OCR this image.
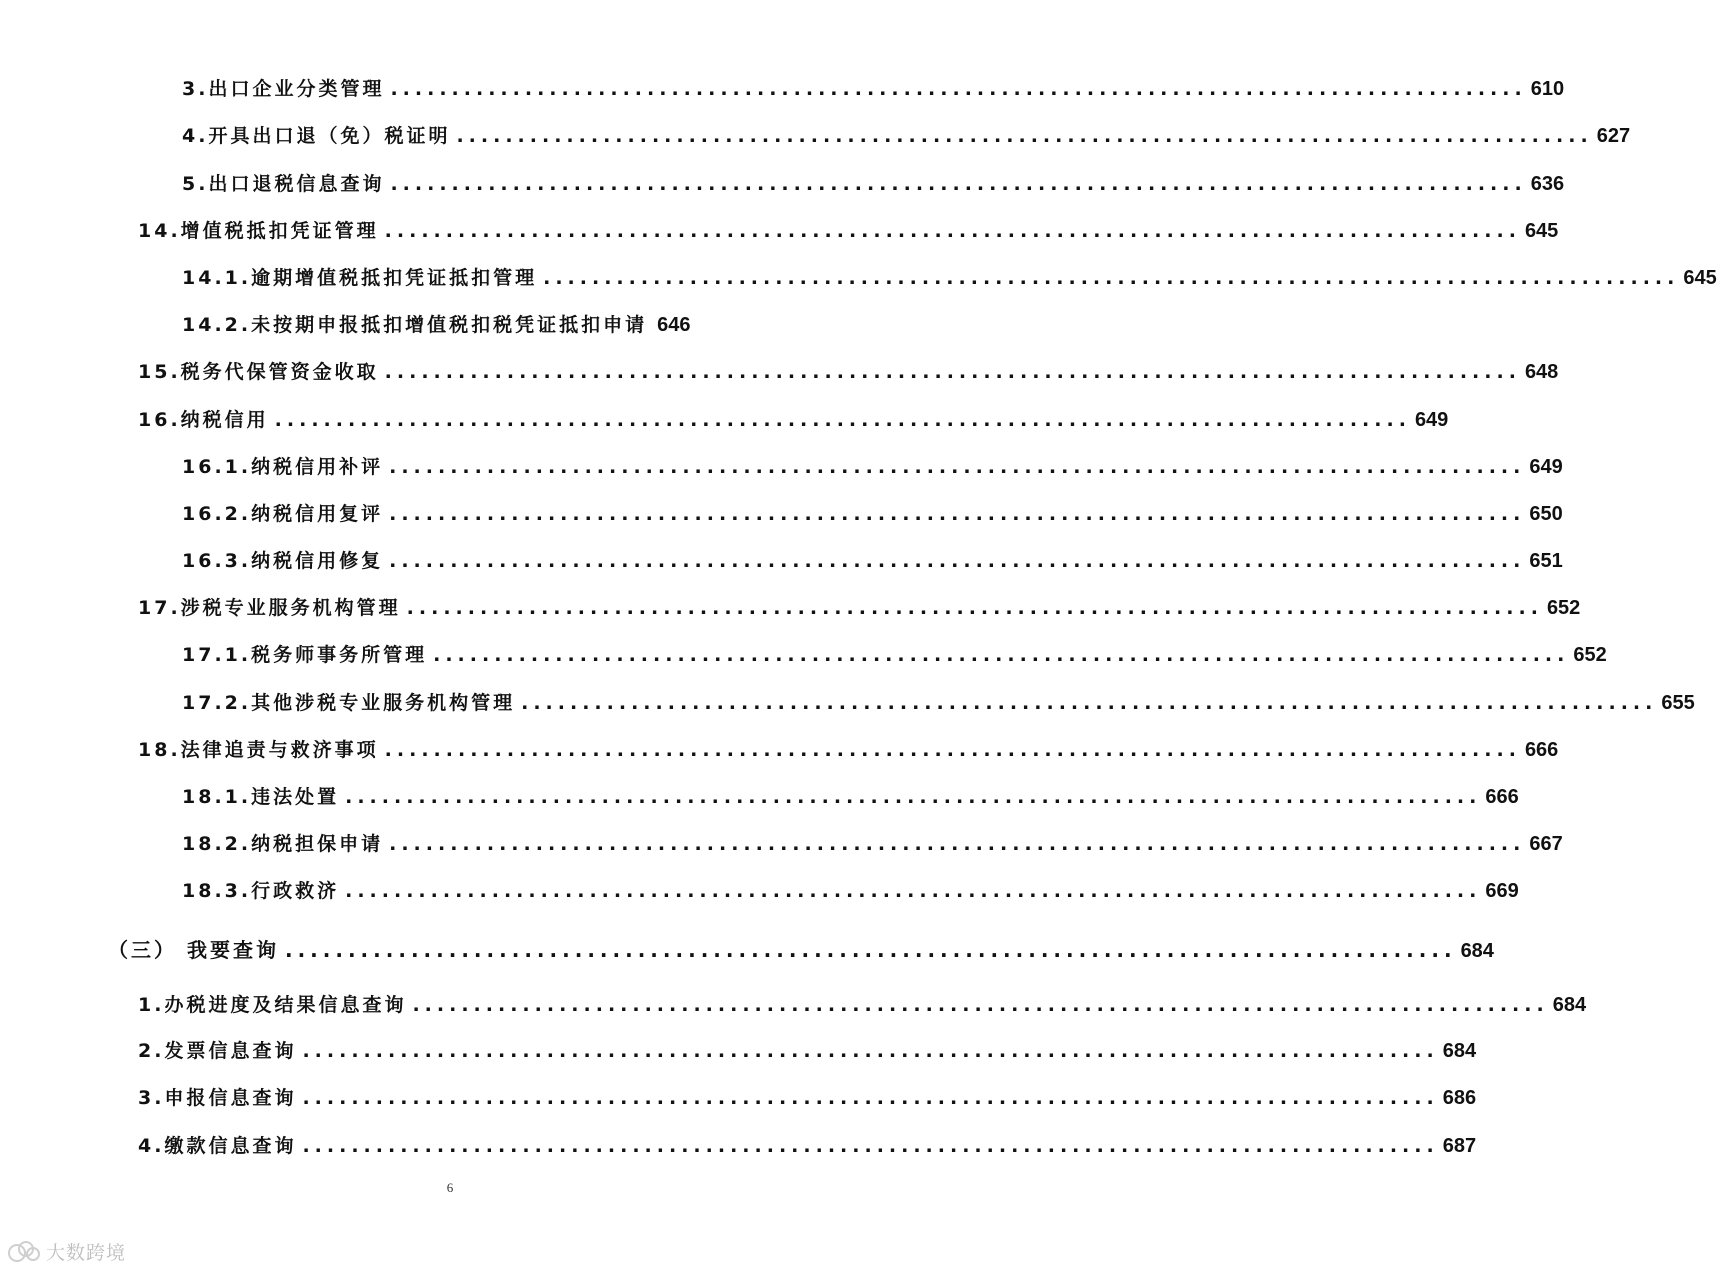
3.出口企业分类管理 ............................................................................................. 610
4.开具出口退（免）税证明 ............................................................................................. 627
5.出口退税信息查询 ............................................................................................. 636
14.增值税抵扣凭证管理 ............................................................................................. 645
14.1.逾期增值税抵扣凭证抵扣管理 ............................................................................................. 645
14.2.未按期申报抵扣增值税扣税凭证抵扣申请 646
15.税务代保管资金收取 ............................................................................................. 648
16.纳税信用 ............................................................................................. 649
16.1.纳税信用补评 ............................................................................................. 649
16.2.纳税信用复评 ............................................................................................. 650
16.3.纳税信用修复 ............................................................................................. 651
17.涉税专业服务机构管理 ............................................................................................. 652
17.1.税务师事务所管理 ............................................................................................. 652
17.2.其他涉税专业服务机构管理 ............................................................................................. 655
18.法律追责与救济事项 ............................................................................................. 666
18.1.违法处置 ............................................................................................. 666
18.2.纳税担保申请 ............................................................................................. 667
18.3.行政救济 ............................................................................................. 669
（三） 我要查询 ............................................................................................. 684
1.办税进度及结果信息查询 ............................................................................................. 684
2.发票信息查询 ............................................................................................. 684
3.申报信息查询 ............................................................................................. 686
4.缴款信息查询 ............................................................................................. 687
6
大数跨境
